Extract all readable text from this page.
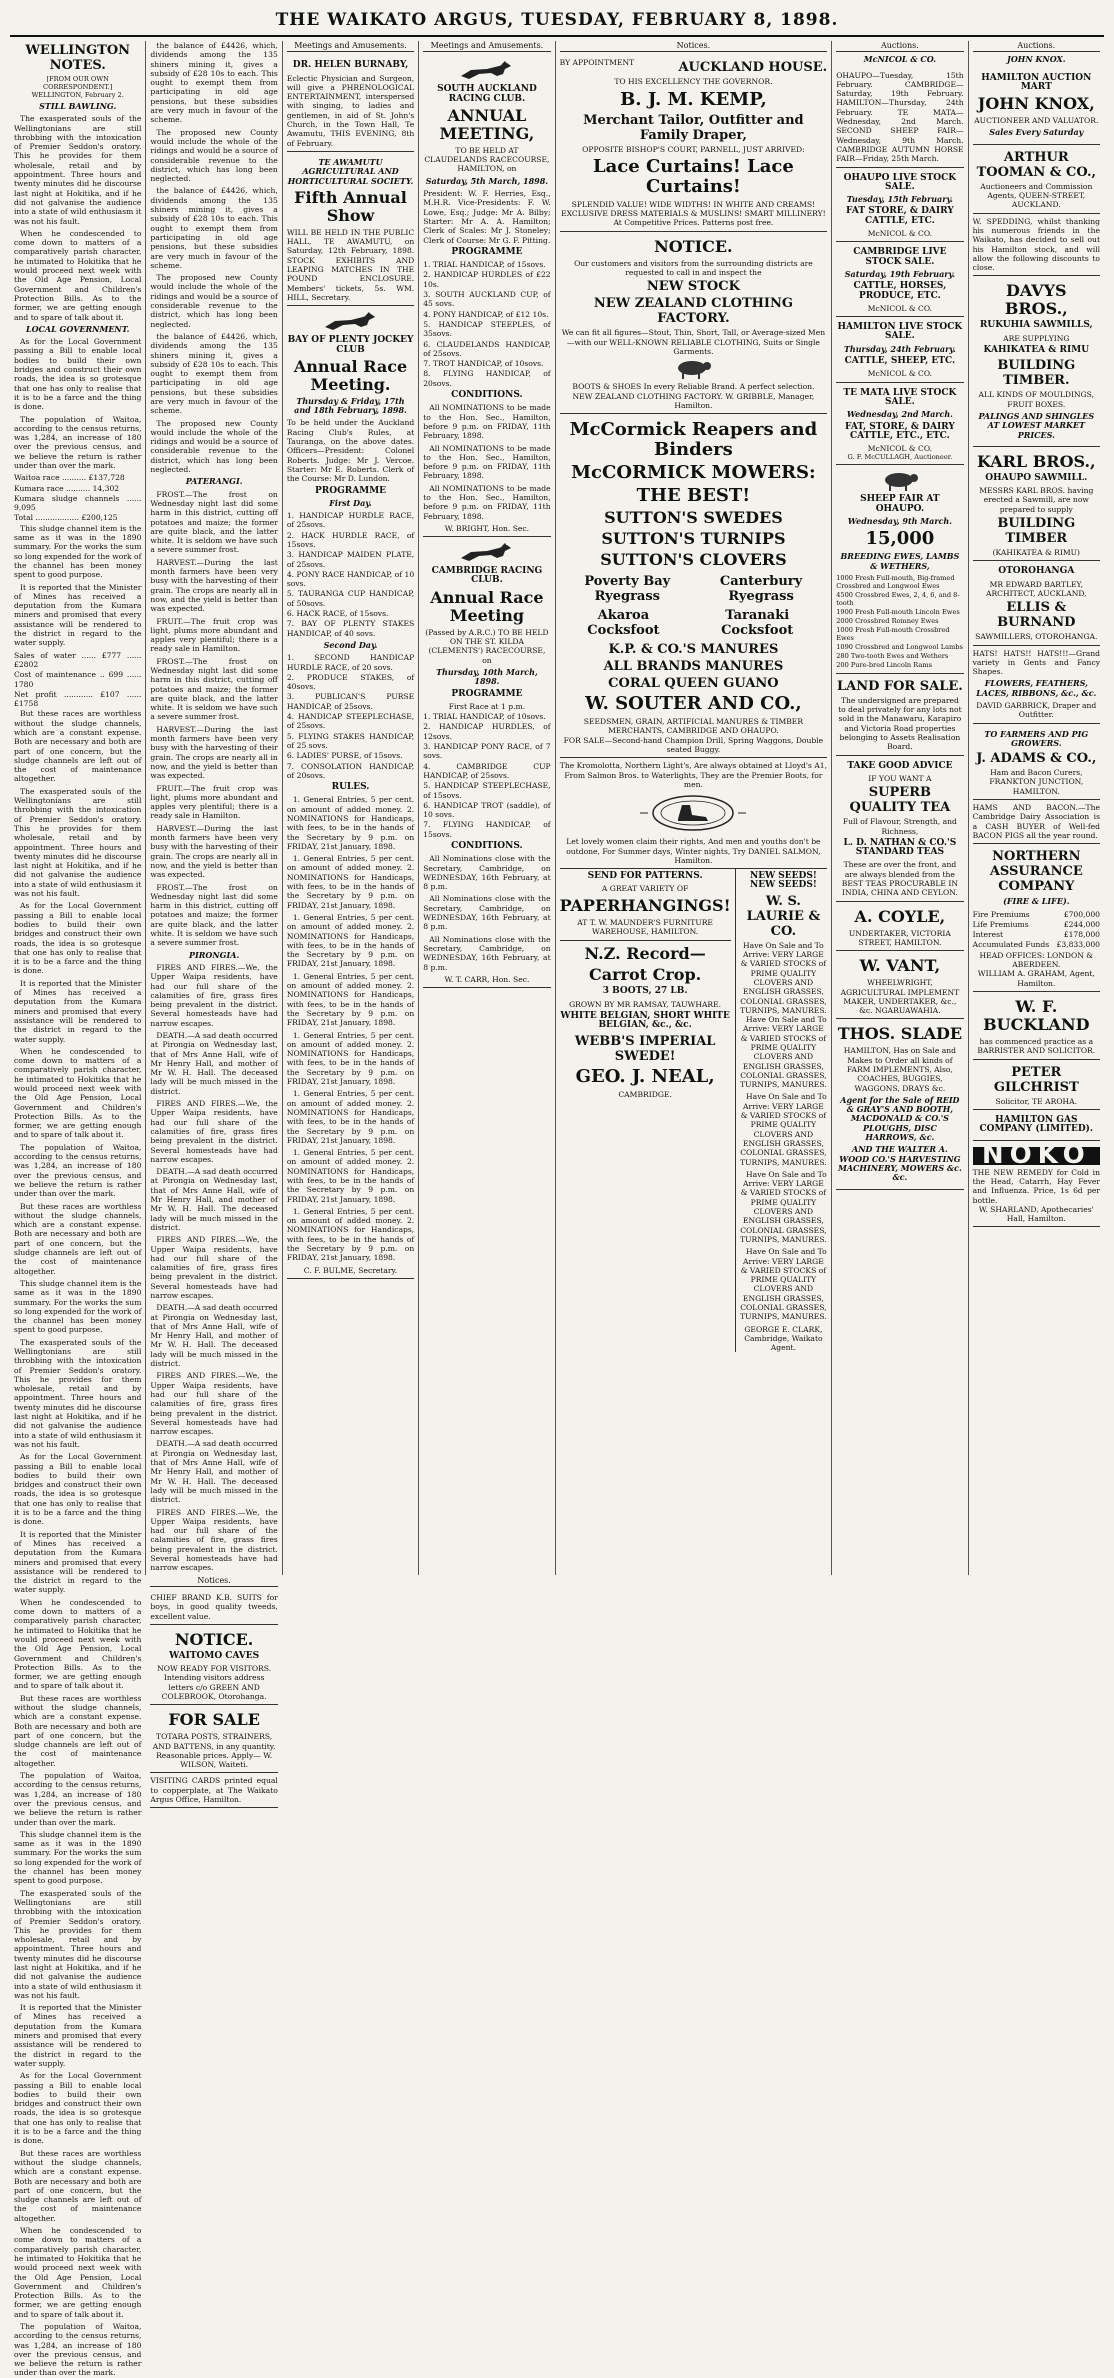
THE WAIKATO ARGUS, TUESDAY, FEBRUARY 8, 1898.
WELLINGTON NOTES.
[FROM OUR OWN CORRESPONDENT.]
WELLINGTON, February 2.
STILL BAWLING.

The exasperated souls of the Wellingtonians are still throbbing with the intoxication of Premier Seddon's oratory. This he provides for them wholesale, retail and by appointment. Three hours and twenty minutes did he discourse last night at Hokitika, and if he did not galvanise the audience into a state of wild enthusiasm it was not his fault.

When he condescended to come down to matters of a comparatively parish character, he intimated to Hokitika that he would proceed next week with the Old Age Pension, Local Government and Children's Protection Bills. As to the former, we are getting enough and to spare of talk about it.

LOCAL GOVERNMENT.

As for the Local Government passing a Bill to enable local bodies to build their own bridges and construct their own roads, the idea is so grotesque that one has only to realise that it is to be a farce and the thing is done.

The population of Waitoa, according to the census returns, was 1,284, an increase of 180 over the previous census, and we believe the return is rather under than over the mark.

Waitoa race .......... £137,728
Kumara race .......... 14,302
Kumara sludge channels ...... 9,095
Total .................. £200,125

This sludge channel item is the same as it was in the 1890 summary. For the works the sum so long expended for the work of the channel has been money spent to good purpose.

It is reported that the Minister of Mines has received a deputation from the Kumara miners and promised that every assistance will be rendered to the district in regard to the water supply.

Sales of water ...... £777 ...... £2802
Cost of maintenance .. 699 ...... 1780
Net profit ............ £107 ...... £1758

But these races are worthless without the sludge channels, which are a constant expense. Both are necessary and both are part of one concern, but the sludge channels are left out of the cost of maintenance altogether.

The exasperated souls of the Wellingtonians are still throbbing with the intoxication of Premier Seddon's oratory. This he provides for them wholesale, retail and by appointment. Three hours and twenty minutes did he discourse last night at Hokitika, and if he did not galvanise the audience into a state of wild enthusiasm it was not his fault.

As for the Local Government passing a Bill to enable local bodies to build their own bridges and construct their own roads, the idea is so grotesque that one has only to realise that it is to be a farce and the thing is done.

It is reported that the Minister of Mines has received a deputation from the Kumara miners and promised that every assistance will be rendered to the district in regard to the water supply.

When he condescended to come down to matters of a comparatively parish character, he intimated to Hokitika that he would proceed next week with the Old Age Pension, Local Government and Children's Protection Bills. As to the former, we are getting enough and to spare of talk about it.

The population of Waitoa, according to the census returns, was 1,284, an increase of 180 over the previous census, and we believe the return is rather under than over the mark.

But these races are worthless without the sludge channels, which are a constant expense. Both are necessary and both are part of one concern, but the sludge channels are left out of the cost of maintenance altogether.

This sludge channel item is the same as it was in the 1890 summary. For the works the sum so long expended for the work of the channel has been money spent to good purpose.

The exasperated souls of the Wellingtonians are still throbbing with the intoxication of Premier Seddon's oratory. This he provides for them wholesale, retail and by appointment. Three hours and twenty minutes did he discourse last night at Hokitika, and if he did not galvanise the audience into a state of wild enthusiasm it was not his fault.

As for the Local Government passing a Bill to enable local bodies to build their own bridges and construct their own roads, the idea is so grotesque that one has only to realise that it is to be a farce and the thing is done.

It is reported that the Minister of Mines has received a deputation from the Kumara miners and promised that every assistance will be rendered to the district in regard to the water supply.

When he condescended to come down to matters of a comparatively parish character, he intimated to Hokitika that he would proceed next week with the Old Age Pension, Local Government and Children's Protection Bills. As to the former, we are getting enough and to spare of talk about it.

But these races are worthless without the sludge channels, which are a constant expense. Both are necessary and both are part of one concern, but the sludge channels are left out of the cost of maintenance altogether.

The population of Waitoa, according to the census returns, was 1,284, an increase of 180 over the previous census, and we believe the return is rather under than over the mark.

This sludge channel item is the same as it was in the 1890 summary. For the works the sum so long expended for the work of the channel has been money spent to good purpose.

The exasperated souls of the Wellingtonians are still throbbing with the intoxication of Premier Seddon's oratory. This he provides for them wholesale, retail and by appointment. Three hours and twenty minutes did he discourse last night at Hokitika, and if he did not galvanise the audience into a state of wild enthusiasm it was not his fault.

It is reported that the Minister of Mines has received a deputation from the Kumara miners and promised that every assistance will be rendered to the district in regard to the water supply.

As for the Local Government passing a Bill to enable local bodies to build their own bridges and construct their own roads, the idea is so grotesque that one has only to realise that it is to be a farce and the thing is done.

But these races are worthless without the sludge channels, which are a constant expense. Both are necessary and both are part of one concern, but the sludge channels are left out of the cost of maintenance altogether.

When he condescended to come down to matters of a comparatively parish character, he intimated to Hokitika that he would proceed next week with the Old Age Pension, Local Government and Children's Protection Bills. As to the former, we are getting enough and to spare of talk about it.

The population of Waitoa, according to the census returns, was 1,284, an increase of 180 over the previous census, and we believe the return is rather under than over the mark.

the balance of £4426, which, dividends among the 135 shiners mining it, gives a subsidy of £28 10s to each. This ought to exempt them from participating in old age pensions, but these subsidies are very much in favour of the scheme.

The proposed new County would include the whole of the ridings and would be a source of considerable revenue to the district, which has long been neglected.

the balance of £4426, which, dividends among the 135 shiners mining it, gives a subsidy of £28 10s to each. This ought to exempt them from participating in old age pensions, but these subsidies are very much in favour of the scheme.

The proposed new County would include the whole of the ridings and would be a source of considerable revenue to the district, which has long been neglected.

the balance of £4426, which, dividends among the 135 shiners mining it, gives a subsidy of £28 10s to each. This ought to exempt them from participating in old age pensions, but these subsidies are very much in favour of the scheme.

The proposed new County would include the whole of the ridings and would be a source of considerable revenue to the district, which has long been neglected.

PATERANGI.

FROST.—The frost on Wednesday night last did some harm in this district, cutting off potatoes and maize; the former are quite black, and the latter white. It is seldom we have such a severe summer frost.

HARVEST.—During the last month farmers have been very busy with the harvesting of their grain. The crops are nearly all in now, and the yield is better than was expected.

FRUIT.—The fruit crop was light, plums more abundant and apples very plentiful; there is a ready sale in Hamilton.

FROST.—The frost on Wednesday night last did some harm in this district, cutting off potatoes and maize; the former are quite black, and the latter white. It is seldom we have such a severe summer frost.

HARVEST.—During the last month farmers have been very busy with the harvesting of their grain. The crops are nearly all in now, and the yield is better than was expected.

FRUIT.—The fruit crop was light, plums more abundant and apples very plentiful; there is a ready sale in Hamilton.

HARVEST.—During the last month farmers have been very busy with the harvesting of their grain. The crops are nearly all in now, and the yield is better than was expected.

FROST.—The frost on Wednesday night last did some harm in this district, cutting off potatoes and maize; the former are quite black, and the latter white. It is seldom we have such a severe summer frost.

PIRONGIA.

FIRES AND FIRES.—We, the Upper Waipa residents, have had our full share of the calamities of fire, grass fires being prevalent in the district. Several homesteads have had narrow escapes.

DEATH.—A sad death occurred at Pirongia on Wednesday last, that of Mrs Anne Hall, wife of Mr Henry Hall, and mother of Mr W. H. Hall. The deceased lady will be much missed in the district.

FIRES AND FIRES.—We, the Upper Waipa residents, have had our full share of the calamities of fire, grass fires being prevalent in the district. Several homesteads have had narrow escapes.

DEATH.—A sad death occurred at Pirongia on Wednesday last, that of Mrs Anne Hall, wife of Mr Henry Hall, and mother of Mr W. H. Hall. The deceased lady will be much missed in the district.

FIRES AND FIRES.—We, the Upper Waipa residents, have had our full share of the calamities of fire, grass fires being prevalent in the district. Several homesteads have had narrow escapes.

DEATH.—A sad death occurred at Pirongia on Wednesday last, that of Mrs Anne Hall, wife of Mr Henry Hall, and mother of Mr W. H. Hall. The deceased lady will be much missed in the district.

FIRES AND FIRES.—We, the Upper Waipa residents, have had our full share of the calamities of fire, grass fires being prevalent in the district. Several homesteads have had narrow escapes.

DEATH.—A sad death occurred at Pirongia on Wednesday last, that of Mrs Anne Hall, wife of Mr Henry Hall, and mother of Mr W. H. Hall. The deceased lady will be much missed in the district.

FIRES AND FIRES.—We, the Upper Waipa residents, have had our full share of the calamities of fire, grass fires being prevalent in the district. Several homesteads have had narrow escapes.

Notices.
CHIEF BRAND K.B. SUITS for boys, in good quality tweeds, excellent value.
NOTICE.
WAITOMO CAVES
NOW READY FOR VISITORS. Intending visitors address letters c/o GREEN AND COLEBROOK, Otorohanga.
FOR SALE
TOTARA POSTS, STRAINERS, AND BATTENS, in any quantity. Reasonable prices. Apply— W. WILSON, Waiteti.
VISITING CARDS printed equal to copperplate, at The Waikato Argus Office, Hamilton.
Meetings and Amusements.
DR. HELEN BURNABY,
Eclectic Physician and Surgeon, will give a PHRENOLOGICAL ENTERTAINMENT, interspersed with singing, to ladies and gentlemen, in aid of St. John's Church, in the Town Hall, Te Awamutu, THIS EVENING, 8th of February.
TE AWAMUTU AGRICULTURAL AND HORTICULTURAL SOCIETY.
Fifth Annual Show
WILL BE HELD IN THE PUBLIC HALL, TE AWAMUTU, on Saturday, 12th February, 1898. STOCK EXHIBITS AND LEAPING MATCHES IN THE POUND ENCLOSURE. Members' tickets, 5s. WM. HILL, Secretary.
BAY OF PLENTY JOCKEY CLUB
Annual Race Meeting.
Thursday & Friday, 17th and 18th February, 1898.
To be held under the Auckland Racing Club's Rules, at Tauranga, on the above dates. Officers—President: Colonel Roberts. Judge: Mr J. Vercoe. Starter: Mr E. Roberts. Clerk of the Course: Mr D. Lundon.
PROGRAMME
First Day.
1. HANDICAP HURDLE RACE, of 25sovs.
2. HACK HURDLE RACE, of 15sovs.
3. HANDICAP MAIDEN PLATE, of 25sovs.
4. PONY RACE HANDICAP, of 10 sovs.
5. TAURANGA CUP HANDICAP, of 50sovs.
6. HACK RACE, of 15sovs.
7. BAY OF PLENTY STAKES HANDICAP, of 40 sovs.
Second Day.
1. SECOND HANDICAP HURDLE RACE, of 20 sovs.
2. PRODUCE STAKES, of 40sovs.
3. PUBLICAN'S PURSE HANDICAP, of 25sovs.
4. HANDICAP STEEPLECHASE, of 25sovs.
5. FLYING STAKES HANDICAP, of 25 sovs.
6. LADIES' PURSE, of 15sovs.
7. CONSOLATION HANDICAP, of 20sovs.
RULES.

1. General Entries, 5 per cent. on amount of added money. 2. NOMINATIONS for Handicaps, with fees, to be in the hands of the Secretary by 9 p.m. on FRIDAY, 21st January, 1898.

1. General Entries, 5 per cent. on amount of added money. 2. NOMINATIONS for Handicaps, with fees, to be in the hands of the Secretary by 9 p.m. on FRIDAY, 21st January, 1898.

1. General Entries, 5 per cent. on amount of added money. 2. NOMINATIONS for Handicaps, with fees, to be in the hands of the Secretary by 9 p.m. on FRIDAY, 21st January, 1898.

1. General Entries, 5 per cent. on amount of added money. 2. NOMINATIONS for Handicaps, with fees, to be in the hands of the Secretary by 9 p.m. on FRIDAY, 21st January, 1898.

1. General Entries, 5 per cent. on amount of added money. 2. NOMINATIONS for Handicaps, with fees, to be in the hands of the Secretary by 9 p.m. on FRIDAY, 21st January, 1898.

1. General Entries, 5 per cent. on amount of added money. 2. NOMINATIONS for Handicaps, with fees, to be in the hands of the Secretary by 9 p.m. on FRIDAY, 21st January, 1898.

1. General Entries, 5 per cent. on amount of added money. 2. NOMINATIONS for Handicaps, with fees, to be in the hands of the Secretary by 9 p.m. on FRIDAY, 21st January, 1898.

1. General Entries, 5 per cent. on amount of added money. 2. NOMINATIONS for Handicaps, with fees, to be in the hands of the Secretary by 9 p.m. on FRIDAY, 21st January, 1898.

C. F. BULME, Secretary.
Meetings and Amusements.
SOUTH AUCKLAND RACING CLUB.
ANNUAL MEETING,
TO BE HELD AT CLAUDELANDS RACECOURSE, HAMILTON, on
Saturday, 5th March, 1898.
President: W. F. Herries, Esq., M.H.R. Vice-Presidents: F. W. Lowe, Esq.; Judge: Mr A. Bilby; Starter: Mr A. A. Hamilton; Clerk of Scales: Mr J. Stoneley; Clerk of Course: Mr G. F. Pitting.
PROGRAMME
1. TRIAL HANDICAP, of 15sovs.
2. HANDICAP HURDLES of £22 10s.
3. SOUTH AUCKLAND CUP, of 45 sovs.
4. PONY HANDICAP, of £12 10s.
5. HANDICAP STEEPLES, of 35sovs.
6. CLAUDELANDS HANDICAP, of 25sovs.
7. TROT HANDICAP, of 10sovs.
8. FLYING HANDICAP, of 20sovs.
CONDITIONS.

All NOMINATIONS to be made to the Hon. Sec., Hamilton, before 9 p.m. on FRIDAY, 11th February, 1898.

All NOMINATIONS to be made to the Hon. Sec., Hamilton, before 9 p.m. on FRIDAY, 11th February, 1898.

All NOMINATIONS to be made to the Hon. Sec., Hamilton, before 9 p.m. on FRIDAY, 11th February, 1898.

W. BRIGHT, Hon. Sec.
CAMBRIDGE RACING CLUB.
Annual Race Meeting
(Passed by A.R.C.) TO BE HELD ON THE ST. KILDA (CLEMENTS') RACECOURSE, on
Thursday, 10th March, 1898.
PROGRAMME
First Race at 1 p.m.
1. TRIAL HANDICAP, of 10sovs.
2. HANDICAP HURDLES, of 12sovs.
3. HANDICAP PONY RACE, of 7 sovs.
4. CAMBRIDGE CUP HANDICAP, of 25sovs.
5. HANDICAP STEEPLECHASE, of 15sovs.
6. HANDICAP TROT (saddle), of 10 sovs.
7. FLYING HANDICAP, of 15sovs.
CONDITIONS.

All Nominations close with the Secretary, Cambridge, on WEDNESDAY, 16th February, at 8 p.m.

All Nominations close with the Secretary, Cambridge, on WEDNESDAY, 16th February, at 8 p.m.

All Nominations close with the Secretary, Cambridge, on WEDNESDAY, 16th February, at 8 p.m.

W. T. CARR, Hon. Sec.
Notices.
BY APPOINTMENT	AUCKLAND HOUSE.
TO HIS EXCELLENCY THE GOVERNOR.
B. J. M. KEMP,
Merchant Tailor, Outfitter and Family Draper,
OPPOSITE BISHOP'S COURT, PARNELL, JUST ARRIVED:
Lace Curtains! Lace Curtains!
SPLENDID VALUE! WIDE WIDTHS! IN WHITE AND CREAMS! EXCLUSIVE DRESS MATERIALS & MUSLINS! SMART MILLINERY! At Competitive Prices. Patterns post free.
NOTICE.
Our customers and visitors from the surrounding districts are requested to call in and inspect the
NEW STOCK
NEW ZEALAND CLOTHING FACTORY.
We can fit all figures—Stout, Thin, Short, Tall, or Average-sized Men—with our WELL-KNOWN RELIABLE CLOTHING, Suits or Single Garments.
BOOTS & SHOES In every Reliable Brand. A perfect selection.
NEW ZEALAND CLOTHING FACTORY. W. GRIBBLE, Manager, Hamilton.
McCormick Reapers and Binders
McCORMICK MOWERS:
THE BEST!
SUTTON'S SWEDES
SUTTON'S TURNIPS
SUTTON'S CLOVERS
Poverty Bay Ryegrass
Canterbury Ryegrass
Akaroa Cocksfoot
Taranaki Cocksfoot
K.P. & CO.'S MANURES
ALL BRANDS MANURES
CORAL QUEEN GUANO
W. SOUTER AND CO.,
SEEDSMEN, GRAIN, ARTIFICIAL MANURES & TIMBER MERCHANTS, CAMBRIDGE AND OHAUPO.
FOR SALE—Second-hand Champion Drill, Spring Waggons, Double seated Buggy.
The Kromolotta, Northern Light's, Are always obtained at Lloyd's A1, From Salmon Bros. to Waterlights, They are the Premier Boots, for men.
Let lovely women claim their rights, And men and youths don't be outdone, For Summer days, Winter nights, Try DANIEL SALMON, Hamilton.
SEND FOR PATTERNS.
A GREAT VARIETY OF
PAPERHANGINGS!
AT T. W. MAUNDER'S FURNITURE WAREHOUSE, HAMILTON.
N.Z. Record—
Carrot Crop.
3 BOOTS, 27 LB.
GROWN BY MR RAMSAY, TAUWHARE.
WHITE BELGIAN, SHORT WHITE BELGIAN, &c., &c.
WEBB'S IMPERIAL SWEDE!
GEO. J. NEAL,
CAMBRIDGE.
NEW SEEDS! NEW SEEDS!
W. S. LAURIE & CO.
Have On Sale and To Arrive: VERY LARGE & VARIED STOCKS of PRIME QUALITY CLOVERS AND ENGLISH GRASSES, COLONIAL GRASSES, TURNIPS, MANURES.

Have On Sale and To Arrive: VERY LARGE & VARIED STOCKS of PRIME QUALITY CLOVERS AND ENGLISH GRASSES, COLONIAL GRASSES, TURNIPS, MANURES.

Have On Sale and To Arrive: VERY LARGE & VARIED STOCKS of PRIME QUALITY CLOVERS AND ENGLISH GRASSES, COLONIAL GRASSES, TURNIPS, MANURES.

Have On Sale and To Arrive: VERY LARGE & VARIED STOCKS of PRIME QUALITY CLOVERS AND ENGLISH GRASSES, COLONIAL GRASSES, TURNIPS, MANURES.

Have On Sale and To Arrive: VERY LARGE & VARIED STOCKS of PRIME QUALITY CLOVERS AND ENGLISH GRASSES, COLONIAL GRASSES, TURNIPS, MANURES.

GEORGE E. CLARK, Cambridge, Waikato Agent.
Auctions.
McNICOL & CO.
OHAUPO—Tuesday, 15th February. CAMBRIDGE—Saturday, 19th February. HAMILTON—Thursday, 24th February. TE MATA—Wednesday, 2nd March. SECOND SHEEP FAIR—Wednesday, 9th March. CAMBRIDGE AUTUMN HORSE FAIR—Friday, 25th March.
OHAUPO LIVE STOCK SALE.
Tuesday, 15th February.
FAT STORE, & DAIRY CATTLE, ETC.
McNICOL & CO.
CAMBRIDGE LIVE STOCK SALE.
Saturday, 19th February.
CATTLE, HORSES, PRODUCE, ETC.
McNICOL & CO.
HAMILTON LIVE STOCK SALE.
Thursday, 24th February.
CATTLE, SHEEP, ETC.
McNICOL & CO.
TE MATA LIVE STOCK SALE.
Wednesday, 2nd March.
FAT, STORE, & DAIRY CATTLE, ETC., ETC.
McNICOL & CO.
G. F. McCULLAGH, Auctioneer.
SHEEP FAIR AT OHAUPO.
Wednesday, 9th March.
15,000
BREEDING EWES, LAMBS & WETHERS,
1000 Fresh Full-mouth, Big-framed Crossbred and Longwool Ewes
4500 Crossbred Ewes, 2, 4, 6, and 8-tooth
1900 Fresh Full-mouth Lincoln Ewes
2000 Crossbred Romney Ewes
1000 Fresh Full-mouth Crossbred Ewes
1090 Crossbred and Longwool Lambs
280 Two-tooth Ewes and Wethers
200 Pure-bred Lincoln Rams
LAND FOR SALE.
The undersigned are prepared to deal privately for any lots not sold in the Manawaru, Karapiro and Victoria Road properties belonging to Assets Realisation Board.
TAKE GOOD ADVICE
IF YOU WANT A
SUPERB QUALITY TEA
Full of Flavour, Strength, and Richness,
L. D. NATHAN & CO.'S STANDARD TEAS
These are over the front, and are always blended from the BEST TEAS PROCURABLE IN INDIA, CHINA AND CEYLON.
A. COYLE,
UNDERTAKER, VICTORIA STREET, HAMILTON.
W. VANT,
WHEELWRIGHT, AGRICULTURAL IMPLEMENT MAKER, UNDERTAKER, &c., &c. NGARUAWAHIA.
THOS. SLADE
HAMILTON, Has on Sale and Makes to Order all kinds of FARM IMPLEMENTS, Also, COACHES, BUGGIES, WAGGONS, DRAYS &c.
Agent for the Sale of REID & GRAY'S AND BOOTH, MACDONALD & CO.'S PLOUGHS, DISC HARROWS, &c.
AND THE WALTER A. WOOD CO.'S HARVESTING MACHINERY, MOWERS &c. &c.
Auctions.
JOHN KNOX.
HAMILTON AUCTION MART
JOHN KNOX,
AUCTIONEER AND VALUATOR.
Sales Every Saturday
ARTHUR TOOMAN & CO.,
Auctioneers and Commission Agents, QUEEN-STREET, AUCKLAND.
W. SPEDDING, whilst thanking his numerous friends in the Waikato, has decided to sell out his Hamilton stock, and will allow the following discounts to close.
DAVYS BROS.,
RUKUHIA SAWMILLS,
ARE SUPPLYING
KAHIKATEA & RIMU
BUILDING TIMBER.
ALL KINDS OF MOULDINGS, FRUIT BOXES.
PALINGS AND SHINGLES AT LOWEST MARKET PRICES.
KARL BROS.,
OHAUPO SAWMILL.
MESSRS KARL BROS. having erected a Sawmill, are now prepared to supply
BUILDING TIMBER
(KAHIKATEA & RIMU)
OTOROHANGA
MR EDWARD BARTLEY, ARCHITECT, AUCKLAND,
ELLIS & BURNAND
SAWMILLERS, OTOROHANGA.
HATS! HATS!! HATS!!!—Grand variety in Gents and Fancy Shapes.
FLOWERS, FEATHERS, LACES, RIBBONS, &c., &c.
DAVID GARBRICK, Draper and Outfitter.
TO FARMERS AND PIG GROWERS.
J. ADAMS & CO.,
Ham and Bacon Curers, FRANKTON JUNCTION, HAMILTON.
HAMS AND BACON.—The Cambridge Dairy Association is a CASH BUYER of Well-fed BACON PIGS all the year round.
NORTHERN ASSURANCE COMPANY
(FIRE & LIFE).
Fire Premiums	£700,000
Life Premiums	£244,000
Interest	£178,000
Accumulated Funds £3,833,000
HEAD OFFICES: LONDON & ABERDEEN.
WILLIAM A. GRAHAM, Agent, Hamilton.
W. F. BUCKLAND
has commenced practice as a BARRISTER AND SOLICITOR.
PETER GILCHRIST
Solicitor, TE AROHA.
HAMILTON GAS COMPANY (LIMITED).
NOKO
THE NEW REMEDY for Cold in the Head, Catarrh, Hay Fever and Influenza. Price, 1s 6d per bottle.
W. SHARLAND, Apothecaries' Hall, Hamilton.
